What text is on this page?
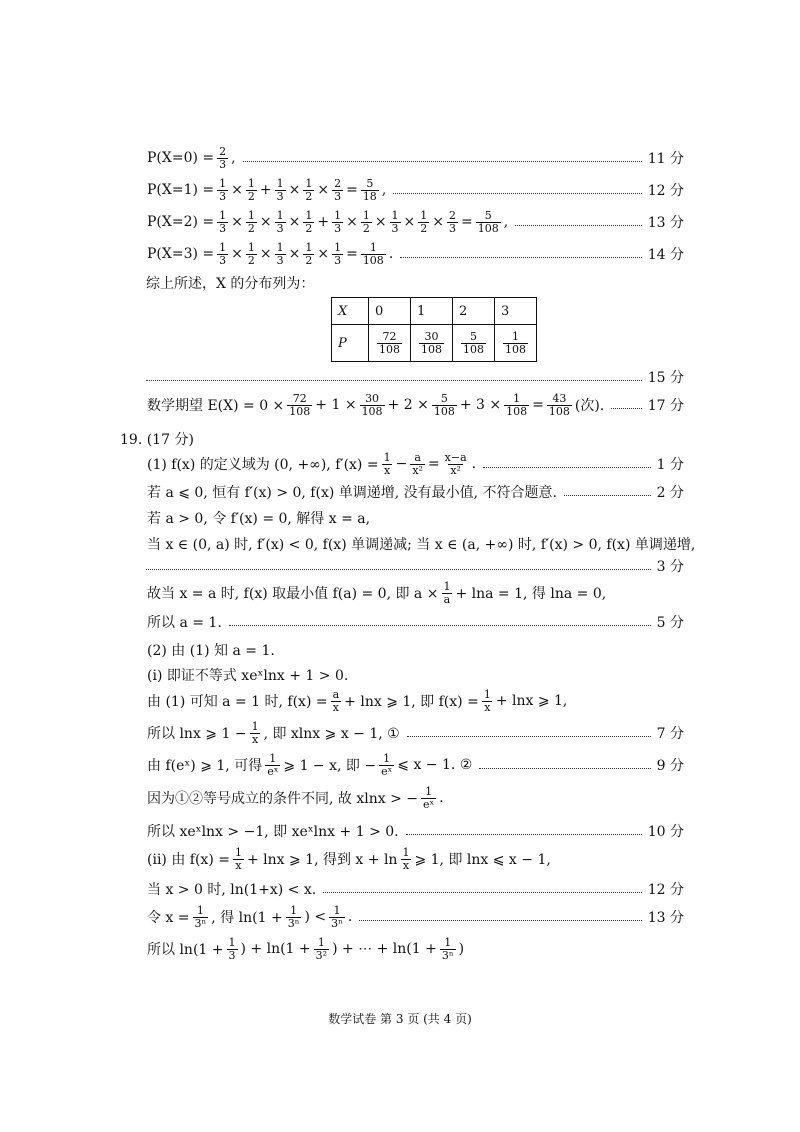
$P(X=0) = \frac{2}{3}$ ,	11 分
$P(X=1) = \frac{1}{3} \times \frac{1}{2} + \frac{1}{3} \times \frac{1}{2} \times \frac{2}{3} = \frac{5}{18}$ ,	12 分
$P(X=2) = \frac{1}{3} \times \frac{1}{2} \times \frac{1}{3} \times \frac{1}{2} + \frac{1}{3} \times \frac{1}{2} \times \frac{1}{3} \times \frac{1}{2} \times \frac{2}{3} = \frac{5}{108}$ ,	13 分
$P(X=3) = \frac{1}{3} \times \frac{1}{2} \times \frac{1}{3} \times \frac{1}{2} \times \frac{1}{3} = \frac{1}{108}$ .	14 分
综上所述，X 的分布列为：
X	0	1	2	3
P	$\frac{72}{108}$	$\frac{30}{108}$	$\frac{5}{108}$	$\frac{1}{108}$
15 分
数学期望 $E(X) = 0 \times \frac{72}{108} + 1 \times \frac{30}{108} + 2 \times \frac{5}{108} + 3 \times \frac{1}{108} = \frac{43}{108}$ (次).	17 分
19. (17 分)
(1) f(x) 的定义域为 (0, +∞), $f'(x) = \frac{1}{x} - \frac{a}{\text{x²}} = \frac{x-a}{\text{x²}}$ .	1 分
若 a ⩽ 0, 恒有 f′(x) > 0, f(x) 单调递增, 没有最小值, 不符合题意.	2 分
若 a > 0, 令 f′(x) = 0, 解得 x = a,
当 x ∈ (0, a) 时, f′(x) < 0, f(x) 单调递减; 当 x ∈ (a, +∞) 时, f′(x) > 0, f(x) 单调递增,
3 分
故当 x = a 时, f(x) 取最小值 f(a) = 0, 即 $a \times \frac{1}{a} + \ln a = 1$, 得 lna = 0,
所以 a = 1.	5 分
(2) 由 (1) 知 a = 1.
(i) 即证不等式 xeˣlnx + 1 > 0.
由 (1) 可知 a = 1 时, $f(x) = \frac{a}{x} + \ln x$ ⩾ 1, 即 $f(x) = \frac{1}{x} + \ln x$ ⩾ 1,
所以 lnx ⩾ $1 - \frac{1}{x}$ , 即 xlnx ⩾ x − 1, ①	7 分
由 f(eˣ) ⩾ 1, 可得 $\frac{1}{\text{eˣ}}$ ⩾ 1 − x, 即 − $\frac{1}{\text{eˣ}}$ ⩽ x − 1. ②	9 分
因为①②等号成立的条件不同, 故 xlnx > − $\frac{1}{\text{eˣ}}$ .
所以 xeˣlnx > −1, 即 xeˣlnx + 1 > 0.	10 分
(ⅱ) 由 $f(x) = \frac{1}{x} + \ln x$ ⩾ 1, 得到 $x + \ln \frac{1}{x}$ ⩾ 1, 即 lnx ⩽ x − 1,
当 x > 0 时, ln(1+x) < x.	12 分
令 $x = \frac{1}{\text{3ⁿ}}$ , 得 $\ln(1 + \frac{1}{\text{3ⁿ}}$ ) < $\frac{1}{\text{3ⁿ}}$ .	13 分
所以 $\ln(1 + \frac{1}{3}$ ) + $\ln(1 + \frac{1}{\text{3²}}$ ) + ⋯ + $\ln(1 + \frac{1}{\text{3ⁿ}}$ )
数学试卷 第 3 页 (共 4 页)
